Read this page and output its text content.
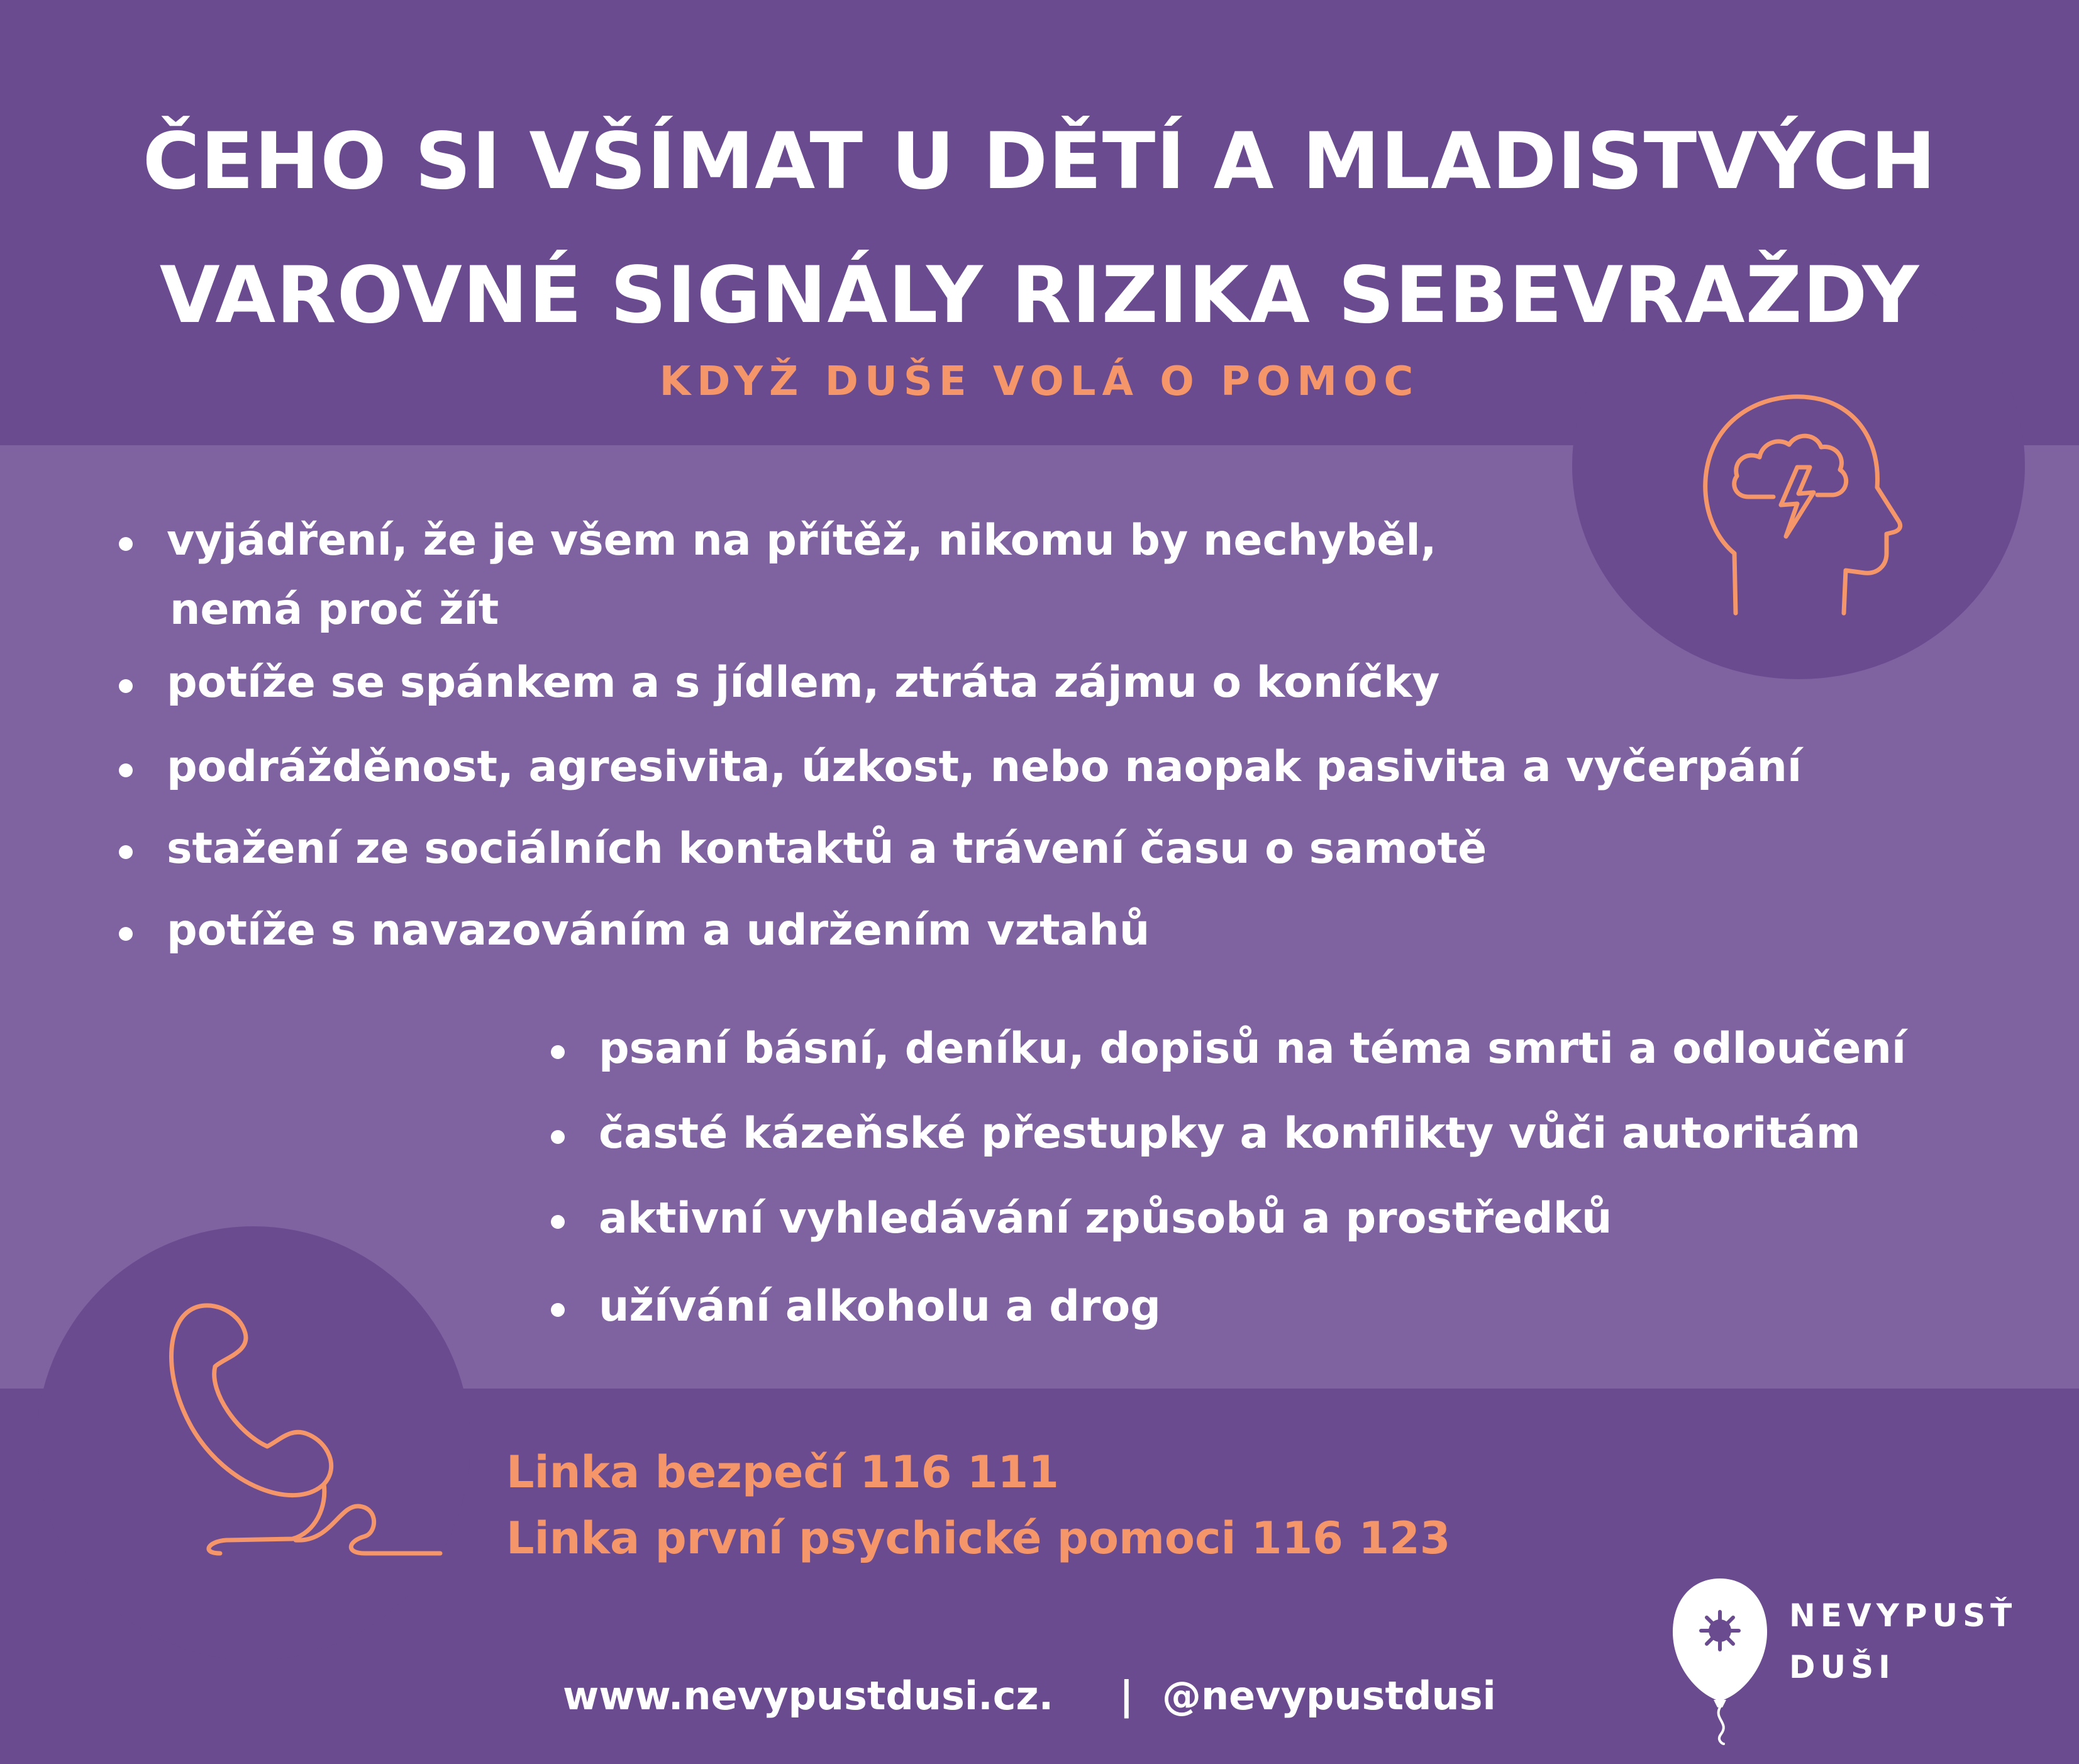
ČEHO SI VŠÍMAT U DĚTÍ A MLADISTVÝCH
VAROVNÉ SIGNÁLY RIZIKA SEBEVRAŽDY
KDYŽ DUŠE VOLÁ O POMOC
vyjádření, že je všem na přítěž, nikomu by nechyběl,
nemá proč žít
potíže se spánkem a s jídlem, ztráta zájmu o koníčky
podrážděnost, agresivita, úzkost, nebo naopak pasivita a vyčerpání
stažení ze sociálních kontaktů a trávení času o samotě
potíže s navazováním a udržením vztahů
psaní básní, deníku, dopisů na téma smrti a odloučení
časté kázeňské přestupky a konflikty vůči autoritám
aktivní vyhledávání způsobů a prostředků
užívání alkoholu a drog
Linka bezpečí 116 111
Linka první psychické pomoci 116 123
www.nevypustdusi.cz. | @nevypustdusi
NEVYPUSŤ
DUŠI
